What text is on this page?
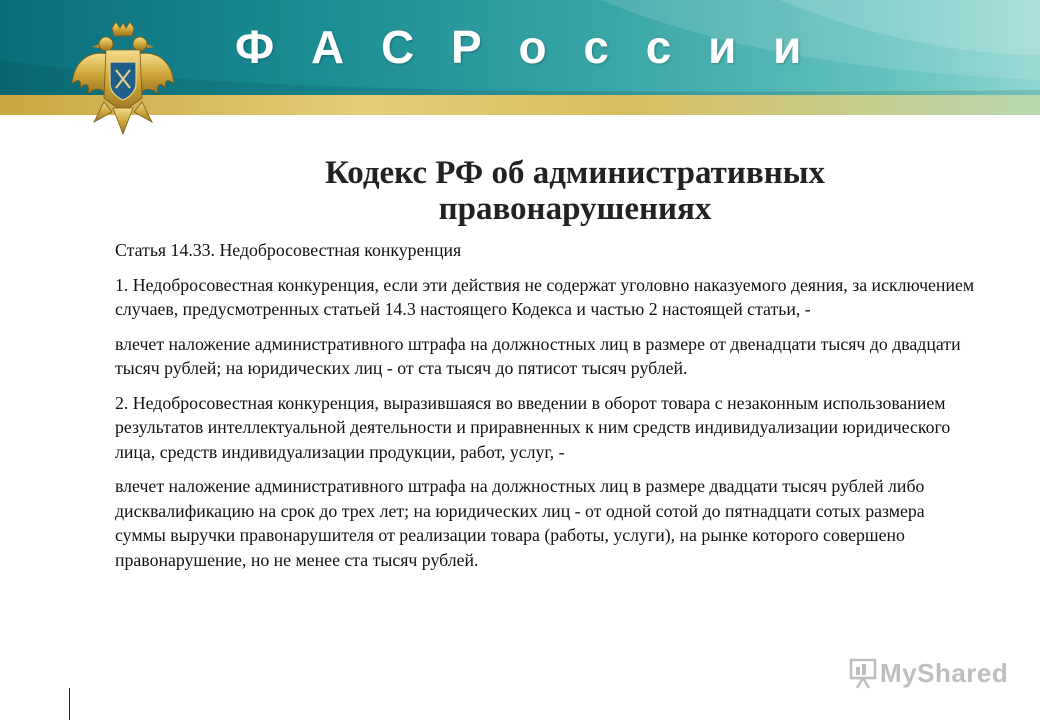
Ф А С Р о с с и и
Кодекс РФ об административных
правонарушениях

Статья 14.33. Недобросовестная конкуренция

1. Недобросовестная конкуренция, если эти действия не содержат уголовно наказуемого деяния, за исключением случаев, предусмотренных статьей 14.3 настоящего Кодекса и частью 2 настоящей статьи, -

влечет наложение административного штрафа на должностных лиц в размере от двенадцати тысяч до двадцати тысяч рублей; на юридических лиц - от ста тысяч до пятисот тысяч рублей.

2. Недобросовестная конкуренция, выразившаяся во введении в оборот товара с незаконным использованием результатов интеллектуальной деятельности и приравненных к ним средств индивидуализации юридического лица, средств индивидуализации продукции, работ, услуг, -

влечет наложение административного штрафа на должностных лиц в размере двадцати тысяч рублей либо дисквалификацию на срок до трех лет; на юридических лиц - от одной сотой до пятнадцати сотых размера суммы выручки правонарушителя от реализации товара (работы, услуги), на рынке которого совершено правонарушение, но не менее ста тысяч рублей.

MyShared
